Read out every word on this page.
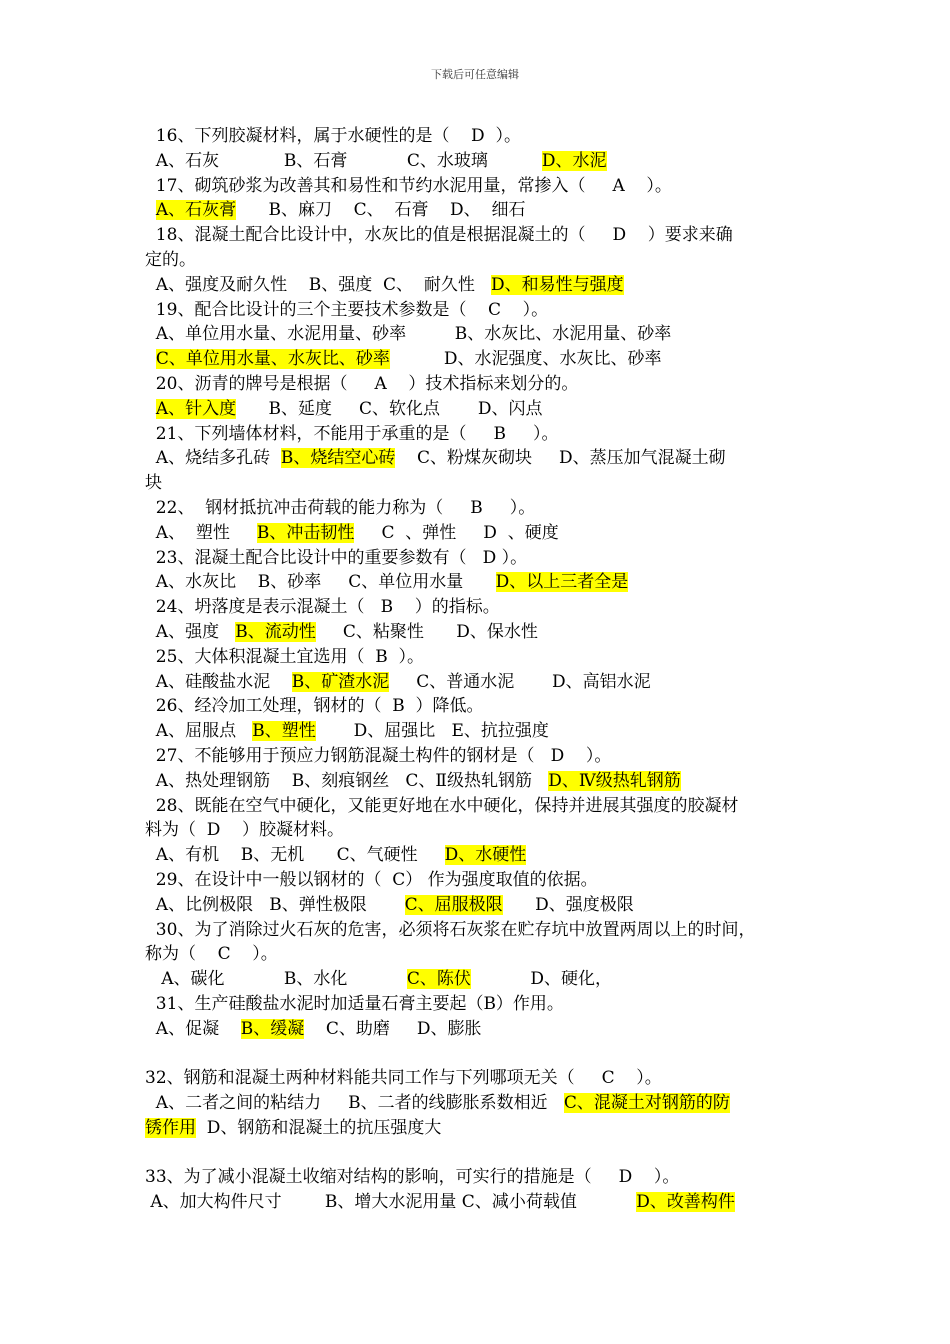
下载后可任意编辑
16、下列胶凝材料，属于水硬性的是（    D  ）。
A、石灰            B、石膏           C、水玻璃          D、水泥
17、砌筑砂浆为改善其和易性和节约水泥用量，常掺入（     A    ）。
A、石灰膏      B、麻刀    C、  石膏    D、  细石
18、混凝土配合比设计中，水灰比的值是根据混凝土的（     D    ）要求来确
定的。
A、强度及耐久性    B、强度  C、  耐久性   D、和易性与强度
19、配合比设计的三个主要技术参数是（    C    ）。
A、单位用水量、水泥用量、砂率         B、水灰比、水泥用量、砂率
C、单位用水量、水灰比、砂率          D、水泥强度、水灰比、砂率
20、沥青的牌号是根据（     A    ）技术指标来划分的。
A、针入度      B、延度     C、软化点       D、闪点
21、下列墙体材料，不能用于承重的是（     B     ）。
A、烧结多孔砖  B、烧结空心砖    C、粉煤灰砌块     D、蒸压加气混凝土砌
块
22、  钢材抵抗冲击荷载的能力称为（     B     ）。
A、  塑性     B、冲击韧性     C  、弹性     D  、硬度
23、混凝土配合比设计中的重要参数有（   D ）。
A、水灰比    B、砂率     C、单位用水量      D、以上三者全是
24、坍落度是表示混凝土（   B    ）的指标。
A、强度   B、流动性     C、粘聚性      D、保水性
25、大体积混凝土宜选用（  B  ）。
A、硅酸盐水泥    B、矿渣水泥     C、普通水泥       D、高铝水泥
26、经冷加工处理，钢材的（  B  ）降低。
A、屈服点   B、塑性       D、屈强比   E、抗拉强度
27、不能够用于预应力钢筋混凝土构件的钢材是（   D    ）。
A、热处理钢筋    B、刻痕钢丝   C、Ⅱ级热轧钢筋   D、Ⅳ级热轧钢筋
28、既能在空气中硬化，又能更好地在水中硬化，保持并进展其强度的胶凝材
料为（  D    ）胶凝材料。
A、有机    B、无机      C、气硬性     D、水硬性
29、在设计中一般以钢材的（  C） 作为强度取值的依据。
A、比例极限   B、弹性极限       C、屈服极限      D、强度极限
30、为了消除过火石灰的危害，必须将石灰浆在贮存坑中放置两周以上的时间，
称为（    C    ）。
A、碳化           B、水化           C、陈伏           D、硬化，
31、生产硅酸盐水泥时加适量石膏主要起（B）作用。
A、促凝    B、缓凝    C、助磨     D、膨胀
32、钢筋和混凝土两种材料能共同工作与下列哪项无关（     C    ）。
A、二者之间的粘结力     B、二者的线膨胀系数相近   C、混凝土对钢筋的防
锈作用  D、钢筋和混凝土的抗压强度大
33、为了减小混凝土收缩对结构的影响，可实行的措施是（     D    ）。
A、加大构件尺寸        B、增大水泥用量 C、减小荷载值           D、改善构件
